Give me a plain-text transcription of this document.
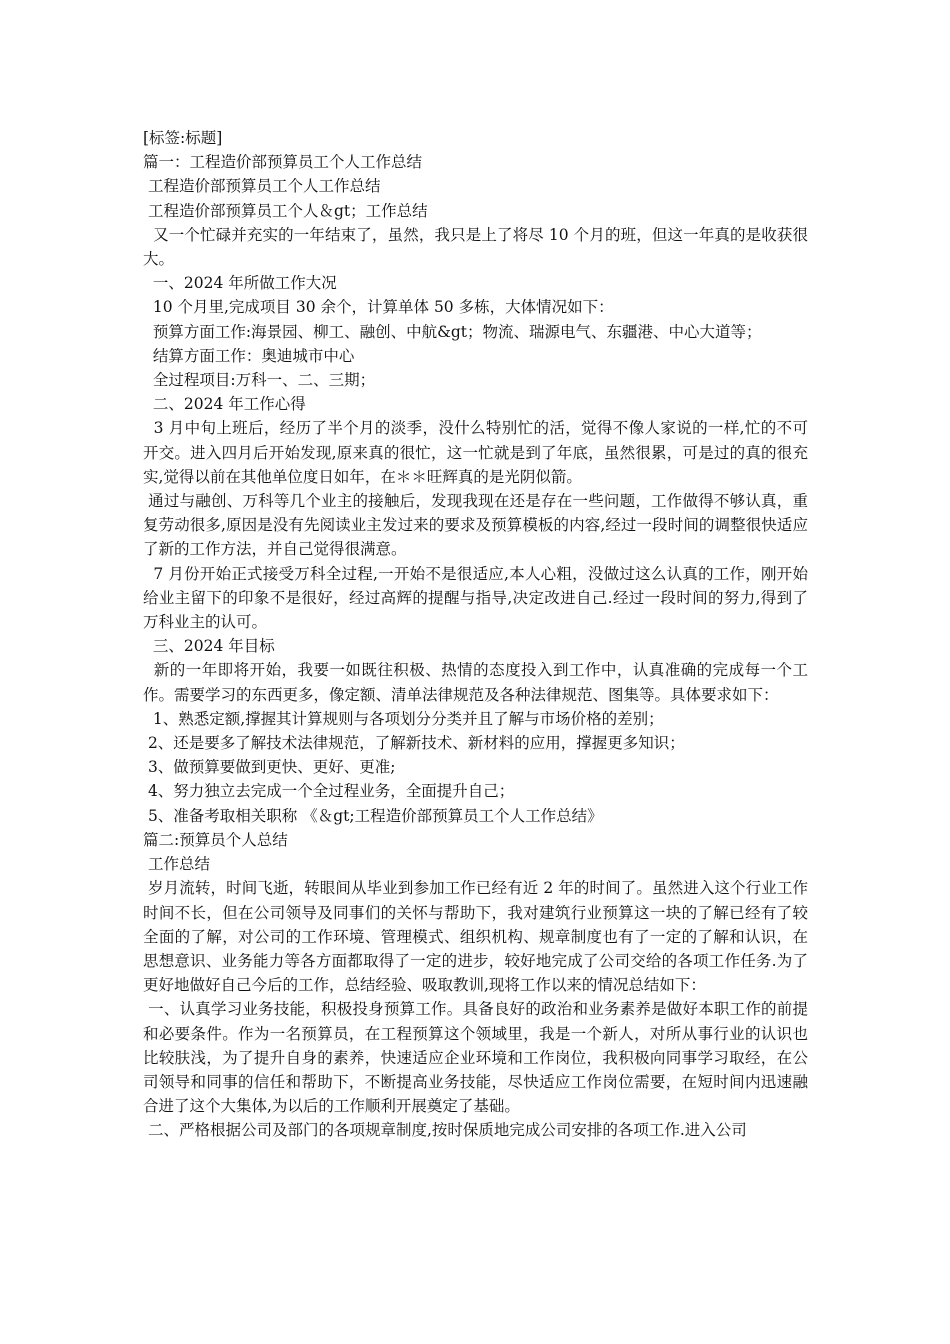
[标签:标题]

篇一：工程造价部预算员工个人工作总结

工程造价部预算员工个人工作总结

工程造价部预算员工个人＆gt；工作总结

又一个忙碌并充实的一年结束了，虽然，我只是上了将尽 10 个月的班，但这一年真的是收获很大。

一、2024 年所做工作大况

10 个月里,完成项目 30 余个，计算单体 50 多栋，大体情况如下：

预算方面工作:海景园、柳工、融创、中航&gt；物流、瑞源电气、东疆港、中心大道等；

结算方面工作：奥迪城市中心

全过程项目:万科一、二、三期；

二、2024 年工作心得

3 月中旬上班后，经历了半个月的淡季，没什么特别忙的活，觉得不像人家说的一样,忙的不可开交。进入四月后开始发现,原来真的很忙，这一忙就是到了年底，虽然很累，可是过的真的很充实,觉得以前在其他单位度日如年，在＊＊旺辉真的是光阴似箭。

通过与融创、万科等几个业主的接触后，发现我现在还是存在一些问题，工作做得不够认真，重复劳动很多,原因是没有先阅读业主发过来的要求及预算模板的内容,经过一段时间的调整很快适应了新的工作方法，并自己觉得很满意。

7 月份开始正式接受万科全过程,一开始不是很适应,本人心粗，没做过这么认真的工作，刚开始给业主留下的印象不是很好，经过高辉的提醒与指导,决定改进自己.经过一段时间的努力,得到了万科业主的认可。

三、2024 年目标

新的一年即将开始，我要一如既往积极、热情的态度投入到工作中，认真准确的完成每一个工作。需要学习的东西更多，像定额、清单法律规范及各种法律规范、图集等。具体要求如下：

1、熟悉定额,撑握其计算规则与各项划分分类并且了解与市场价格的差别；

2、还是要多了解技术法律规范，了解新技术、新材料的应用，撑握更多知识；

3、做预算要做到更快、更好、更准;

4、努力独立去完成一个全过程业务，全面提升自己；

5、准备考取相关职称 《＆gt;工程造价部预算员工个人工作总结》

篇二:预算员个人总结

工作总结

岁月流转，时间飞逝，转眼间从毕业到参加工作已经有近 2 年的时间了。虽然进入这个行业工作时间不长，但在公司领导及同事们的关怀与帮助下，我对建筑行业预算这一块的了解已经有了较全面的了解，对公司的工作环境、管理模式、组织机构、规章制度也有了一定的了解和认识，在思想意识、业务能力等各方面都取得了一定的进步，较好地完成了公司交给的各项工作任务.为了更好地做好自己今后的工作，总结经验、吸取教训,现将工作以来的情况总结如下：

一、认真学习业务技能，积极投身预算工作。具备良好的政治和业务素养是做好本职工作的前提和必要条件。作为一名预算员，在工程预算这个领域里，我是一个新人，对所从事行业的认识也比较肤浅，为了提升自身的素养，快速适应企业环境和工作岗位，我积极向同事学习取经，在公司领导和同事的信任和帮助下，不断提高业务技能，尽快适应工作岗位需要，在短时间内迅速融合进了这个大集体,为以后的工作顺利开展奠定了基础。

二、严格根据公司及部门的各项规章制度,按时保质地完成公司安排的各项工作.进入公司
